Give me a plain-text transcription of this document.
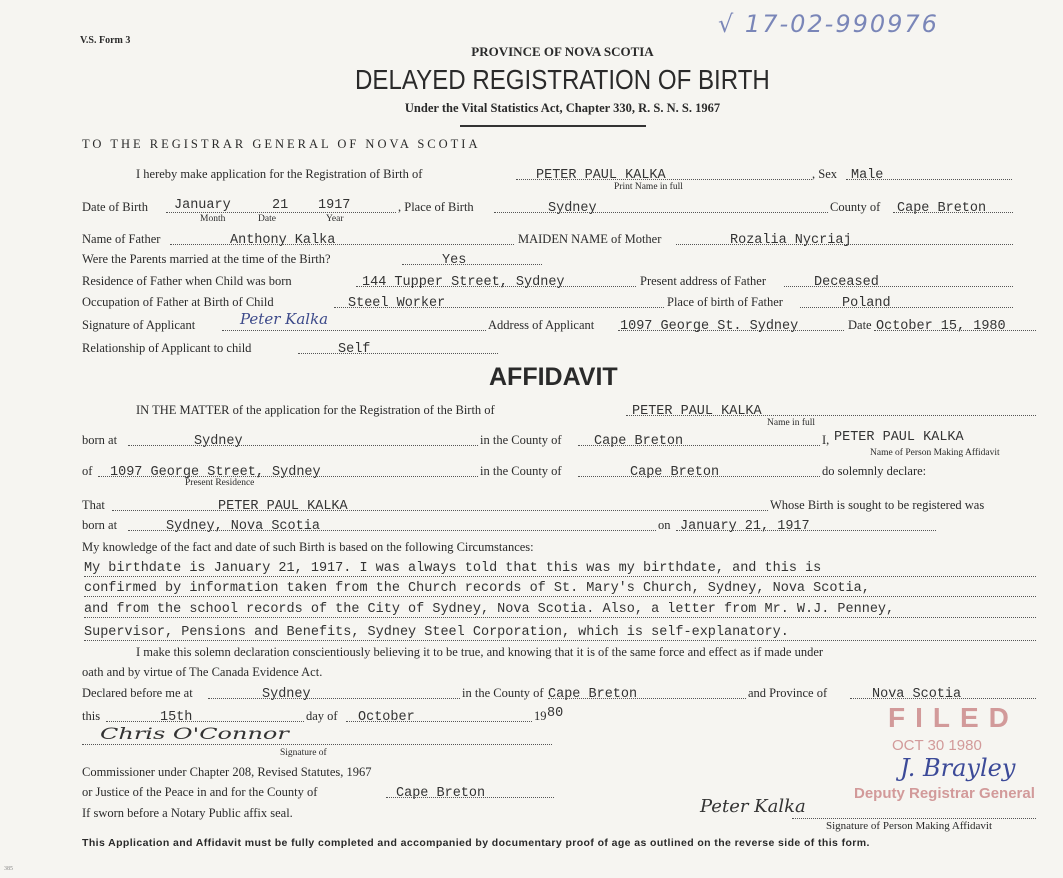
V.S. Form 3
√ 17-02-990976
PROVINCE OF NOVA SCOTIA
DELAYED REGISTRATION OF BIRTH
Under the Vital Statistics Act, Chapter 330, R. S. N. S. 1967
TO THE REGISTRAR GENERAL OF NOVA SCOTIA
I hereby make application for the Registration of Birth of	PETER PAUL KALKA	, Sex	Male
Print Name in full
Date of Birth January	21 1917
Month	Date	Year
, Place of Birth	Sydney	County of Cape Breton
Name of Father	Anthony Kalka	MAIDEN NAME of Mother	Rozalia Nycriaj
Were the Parents married at the time of the Birth?	Yes
Residence of Father when Child was born	144 Tupper Street, Sydney	Present address of Father	Deceased
Occupation of Father at Birth of Child	Steel Worker	Place of birth of Father	Poland
Signature of Applicant	Peter Kalka	Address of Applicant 1097 George St. Sydney	Date October 15, 1980
Relationship of Applicant to child	Self
AFFIDAVIT
IN THE MATTER of the application for the Registration of the Birth of	PETER PAUL KALKA
Name in full
born at	Sydney	in the County of	Cape Breton	I, PETER PAUL KALKA
Name of Person Making Affidavit
of	1097 George Street, Sydney	in the County of	Cape Breton	do solemnly declare:
Present Residence
That	PETER PAUL KALKA	Whose Birth is sought to be registered was
born at	Sydney, Nova Scotia	on January 21, 1917
My knowledge of the fact and date of such Birth is based on the following Circumstances:
My birthdate is January 21, 1917. I was always told that this was my birthdate, and this is
confirmed by information taken from the Church records of St. Mary's Church, Sydney, Nova Scotia,
and from the school records of the City of Sydney, Nova Scotia. Also, a letter from Mr. W.J. Penney,
Supervisor, Pensions and Benefits, Sydney Steel Corporation, which is self-explanatory.
I make this solemn declaration conscientiously believing it to be true, and knowing that it is of the same force and effect as if made under
oath and by virtue of The Canada Evidence Act.
FILED
OCT 30 1980
J. Brayley
Deputy Registrar General
Declared before me at	Sydney	in the County of Cape Breton	and Province of	Nova Scotia
this	15th	day of	October	19 80
Chris O'Connor
Signature of
Commissioner under Chapter 208, Revised Statutes, 1967
or Justice of the Peace in and for the County of	Cape Breton
If sworn before a Notary Public affix seal.	Peter Kalka
Signature of Person Making Affidavit
This Application and Affidavit must be fully completed and accompanied by documentary proof of age as outlined on the reverse side of this form.
385
